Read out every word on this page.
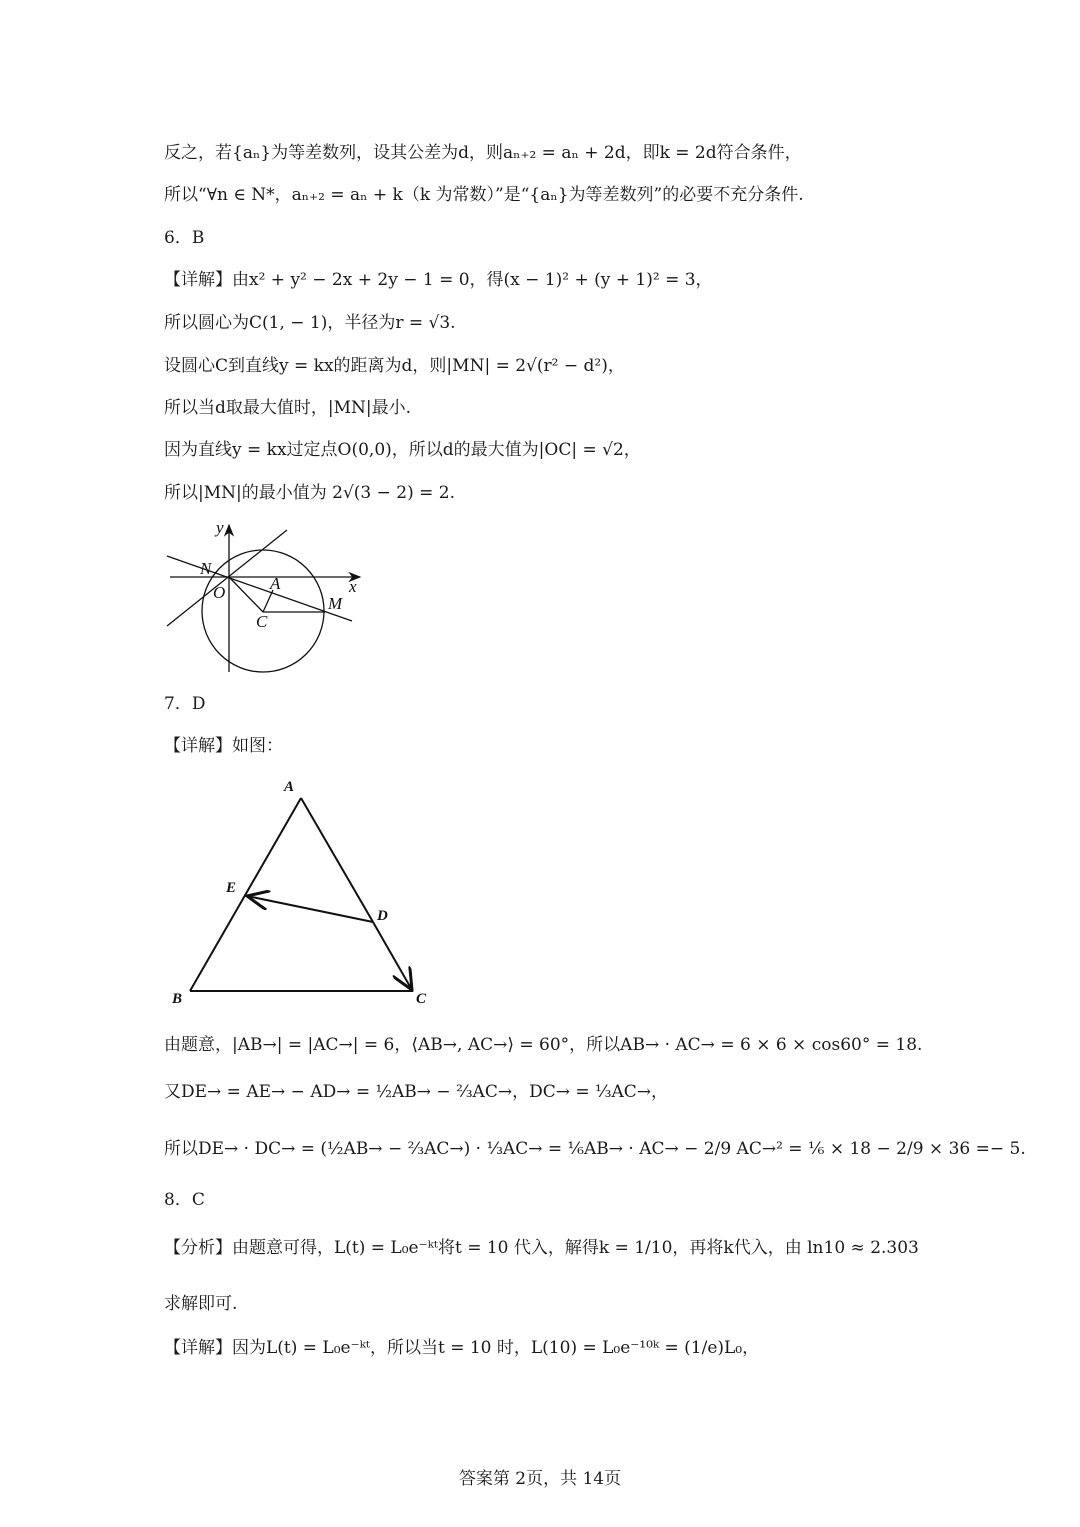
反之，若{aₙ}为等差数列，设其公差为d，则aₙ₊₂ = aₙ + 2d，即k = 2d符合条件，
所以“∀n ∈ N*，aₙ₊₂ = aₙ + k（k 为常数）”是“{aₙ}为等差数列”的必要不充分条件.
6．B
【详解】由x² + y² − 2x + 2y − 1 = 0，得(x − 1)² + (y + 1)² = 3，
所以圆心为C(1, − 1)，半径为r = √3.
设圆心C到直线y = kx的距离为d，则|MN| = 2√(r² − d²)，
所以当d取最大值时，|MN|最小.
因为直线y = kx过定点O(0,0)，所以d的最大值为|OC| = √2，
所以|MN|的最小值为 2√(3 − 2) = 2.
y
x
N
O	A
M
C
7．D
【详解】如图：
A
B	C
D
E
由题意，|AB→| = |AC→| = 6，⟨AB→, AC→⟩ = 60°，所以AB→ · AC→ = 6 × 6 × cos60° = 18.
又DE→ = AE→ − AD→ = ½AB→ − ⅔AC→，DC→ = ⅓AC→，
所以DE→ · DC→ = (½AB→ − ⅔AC→) · ⅓AC→ = ⅙AB→ · AC→ − 2/9 AC→² = ⅙ × 18 − 2/9 × 36 =− 5.
8．C
【分析】由题意可得，L(t) = L₀e⁻ᵏᵗ将t = 10 代入，解得k = 1/10，再将k代入，由 ln10 ≈ 2.303
求解即可.
【详解】因为L(t) = L₀e⁻ᵏᵗ，所以当t = 10 时，L(10) = L₀e⁻¹⁰ᵏ = (1/e)L₀，
答案第 2页，共 14页
